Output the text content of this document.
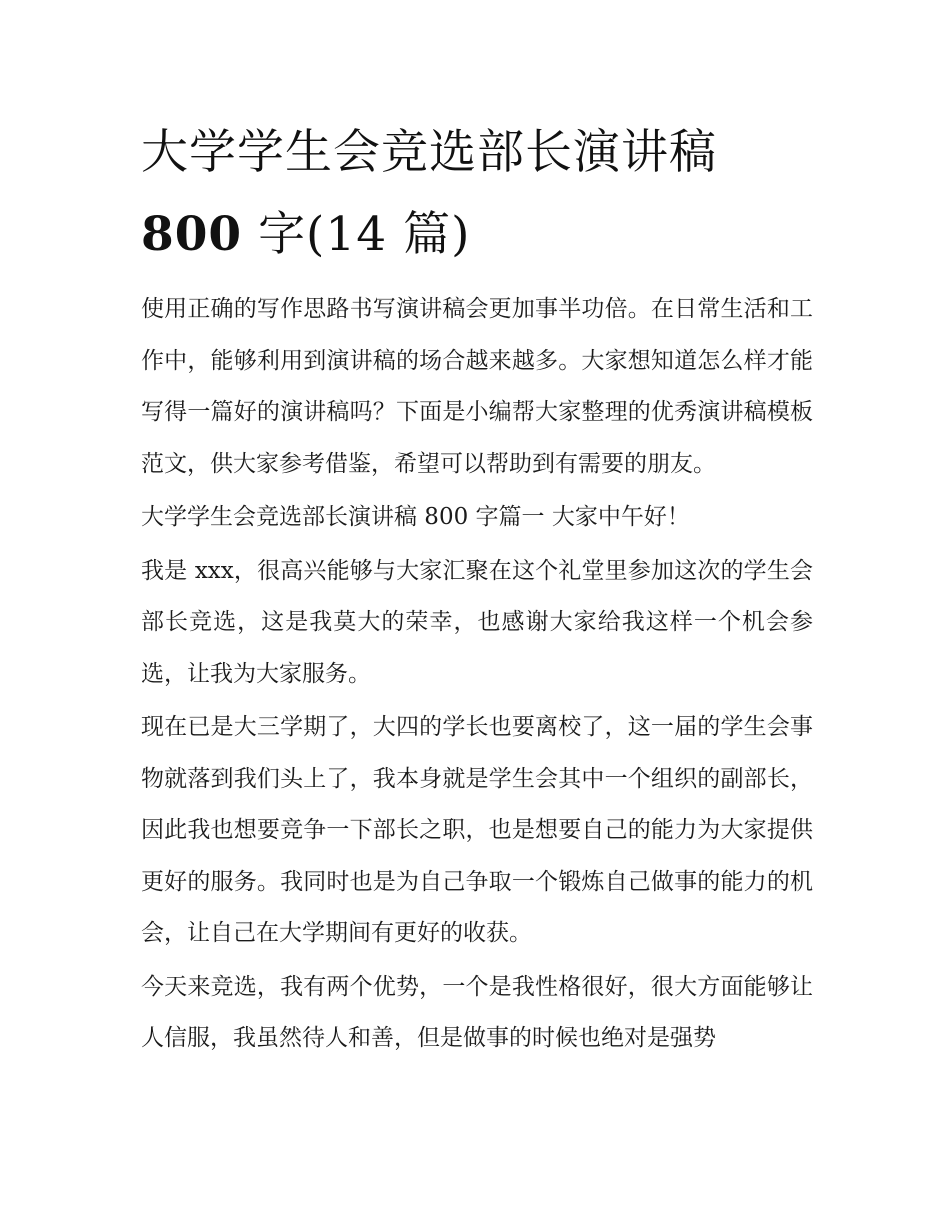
大学学生会竞选部长演讲稿
800 字(14 篇)

使用正确的写作思路书写演讲稿会更加事半功倍。在日常生活和工作中，能够利用到演讲稿的场合越来越多。大家想知道怎么样才能写得一篇好的演讲稿吗？下面是小编帮大家整理的优秀演讲稿模板范文，供大家参考借鉴，希望可以帮助到有需要的朋友。

大学学生会竞选部长演讲稿 800 字篇一 大家中午好！

我是 xxx，很高兴能够与大家汇聚在这个礼堂里参加这次的学生会部长竞选，这是我莫大的荣幸，也感谢大家给我这样一个机会参选，让我为大家服务。

现在已是大三学期了，大四的学长也要离校了，这一届的学生会事物就落到我们头上了，我本身就是学生会其中一个组织的副部长，因此我也想要竞争一下部长之职，也是想要自己的能力为大家提供更好的服务。我同时也是为自己争取一个锻炼自己做事的能力的机会，让自己在大学期间有更好的收获。

今天来竞选，我有两个优势，一个是我性格很好，很大方面能够让人信服，我虽然待人和善，但是做事的时候也绝对是强势
